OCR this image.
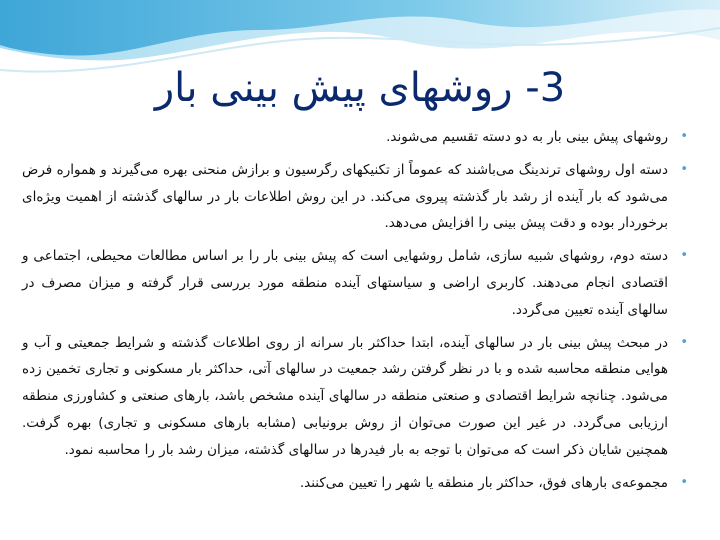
3- روشهای پیش بینی بار
•
روشهای پیش بینی بار به دو دسته تقسیم می‌شوند.
•
دسته اول روشهای ترندینگ می‌باشند که عموماً از تکنیکهای رگرسیون و برازش منحنی بهره می‌گیرند و همواره فرض می‌شود که بار آینده از رشد بار گذشته پیروی می‌کند. در این روش اطلاعات بار در سالهای گذشته از اهمیت ویژه‌ای برخوردار بوده و دقت پیش بینی را افزایش می‌دهد.
•
دسته دوم، روشهای شبیه سازی، شامل روشهایی است که پیش بینی بار را بر اساس مطالعات محیطی، اجتماعی و اقتصادی انجام می‌دهند. کاربری اراضی و سیاستهای آینده منطقه مورد بررسی قرار گرفته و میزان مصرف در سالهای آینده تعیین می‌گردد.
•
در مبحث پیش بینی بار در سالهای آینده، ابتدا حداکثر بار سرانه از روی اطلاعات گذشته و شرایط جمعیتی و آب و هوایی منطقه محاسبه شده و با در نظر گرفتن رشد جمعیت در سالهای آتی، حداکثر بار مسکونی و تجاری تخمین زده می‌شود. چنانچه شرایط اقتصادی و صنعتی منطقه در سالهای آینده مشخص باشد، بارهای صنعتی و کشاورزی منطقه ارزیابی می‌گردد. در غیر این صورت می‌توان از روش برونیابی (مشابه بارهای مسکونی و تجاری) بهره گرفت. همچنین شایان ذکر است که می‌توان با توجه به بار فیدرها در سالهای گذشته، میزان رشد بار را محاسبه نمود.
•
مجموعه‌ی بارهای فوق، حداکثر بار منطقه یا شهر را تعیین می‌کنند.
